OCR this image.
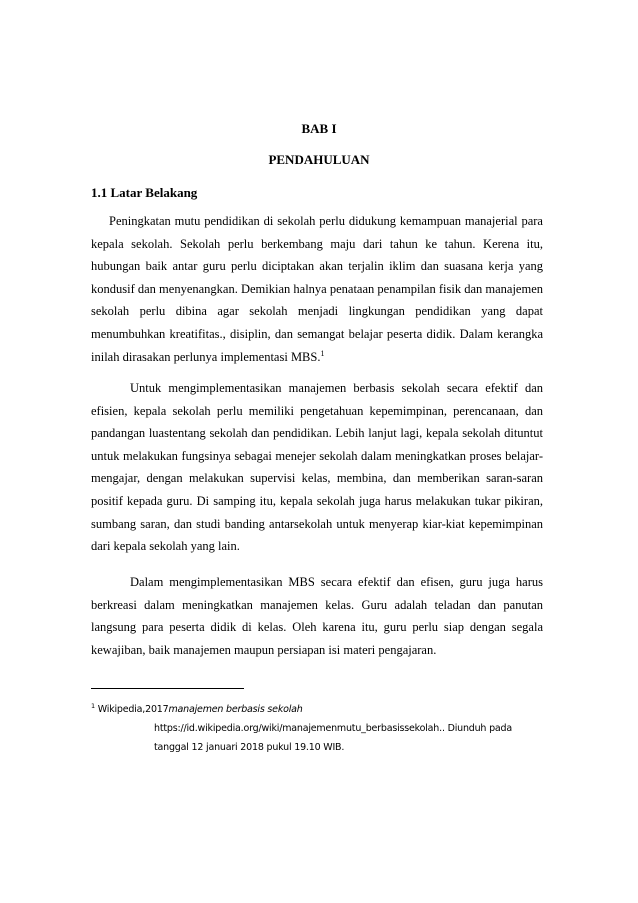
BAB I
PENDAHULUAN
1.1 Latar Belakang

Peningkatan mutu pendidikan di sekolah perlu didukung kemampuan manajerial para kepala sekolah. Sekolah perlu berkembang maju dari tahun ke tahun. Kerena itu, hubungan baik antar guru perlu diciptakan akan terjalin iklim dan suasana kerja yang kondusif dan menyenangkan. Demikian halnya penataan penampilan fisik dan manajemen sekolah perlu dibina agar sekolah menjadi lingkungan pendidikan yang dapat menumbuhkan kreatifitas., disiplin, dan semangat belajar peserta didik. Dalam kerangka inilah dirasakan perlunya implementasi MBS.$^1$

Untuk mengimplementasikan manajemen berbasis sekolah secara efektif dan efisien, kepala sekolah perlu memiliki pengetahuan kepemimpinan, perencanaan, dan pandangan luastentang sekolah dan pendidikan. Lebih lanjut lagi, kepala sekolah dituntut untuk melakukan fungsinya sebagai menejer sekolah dalam meningkatkan proses belajar-mengajar, dengan melakukan supervisi kelas, membina, dan memberikan saran-saran positif kepada guru. Di samping itu, kepala sekolah juga harus melakukan tukar pikiran, sumbang saran, dan studi banding antarsekolah untuk menyerap kiar-kiat kepemimpinan dari kepala sekolah yang lain.

Dalam mengimplementasikan MBS secara efektif dan efisen, guru juga harus berkreasi dalam meningkatkan manajemen kelas. Guru adalah teladan dan panutan langsung para peserta didik di kelas. Oleh karena itu, guru perlu siap dengan segala kewajiban, baik manajemen maupun persiapan isi materi pengajaran.

$^1$ Wikipedia,2017manajemen berbasis sekolah
https://id.wikipedia.org/wiki/manajemenmutu_berbasissekolah.. Diunduh pada
tanggal 12 januari 2018 pukul 19.10 WIB.
